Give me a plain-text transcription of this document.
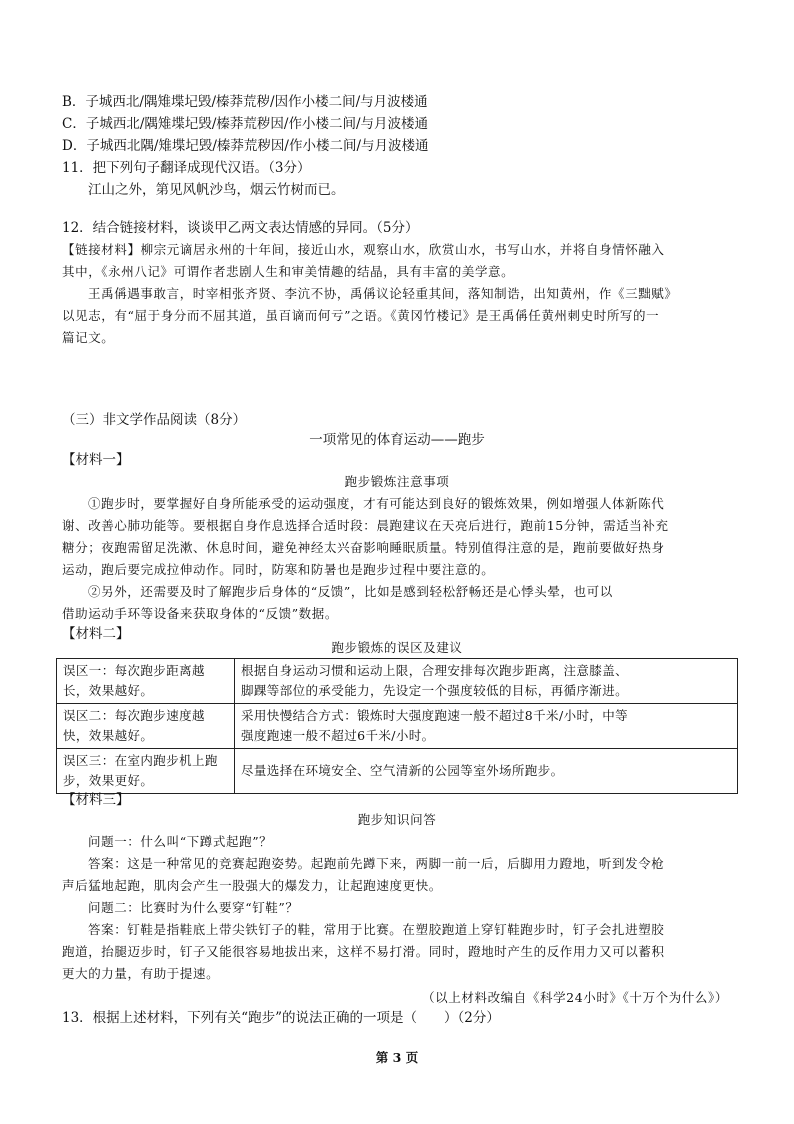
B．子城西北/隅雉堞圮毁/榛莽荒秽/因作小楼二间/与月波楼通
C．子城西北/隅雉堞圮毁/榛莽荒秽因/作小楼二间/与月波楼通
D．子城西北隅/雉堞圮毁/榛莽荒秽因/作小楼二间/与月波楼通
11．把下列句子翻译成现代汉语。（3分）
江山之外，第见风帆沙鸟，烟云竹树而已。
12．结合链接材料，谈谈甲乙两文表达情感的异同。（5分）
【链接材料】柳宗元谪居永州的十年间，接近山水，观察山水，欣赏山水，书写山水，并将自身情怀融入
其中，《永州八记》可谓作者悲剧人生和审美情趣的结晶，具有丰富的美学意。
王禹偁遇事敢言，时宰相张齐贤、李沆不协，禹偁议论轻重其间，落知制诰，出知黄州，作《三黜赋》
以见志，有“屈于身分而不屈其道，虽百谪而何亏”之语。《黄冈竹楼记》是王禹偁任黄州刺史时所写的一
篇记文。
（三）非文学作品阅读（8分）
一项常见的体育运动——跑步
【材料一】
跑步锻炼注意事项
①跑步时，要掌握好自身所能承受的运动强度，才有可能达到良好的锻炼效果，例如增强人体新陈代
谢、改善心肺功能等。要根据自身作息选择合适时段：晨跑建议在天亮后进行，跑前15分钟，需适当补充
糖分；夜跑需留足洗漱、休息时间，避免神经太兴奋影响睡眠质量。特别值得注意的是，跑前要做好热身
运动，跑后要完成拉伸动作。同时，防寒和防暑也是跑步过程中要注意的。
②另外，还需要及时了解跑步后身体的“反馈”，比如是感到轻松舒畅还是心悸头晕，也可以
借助运动手环等设备来获取身体的“反馈”数据。
【材料二】
跑步锻炼的误区及建议
误区一：每次跑步距离越
长，效果越好。	根据自身运动习惯和运动上限，合理安排每次跑步距离，注意膝盖、
脚踝等部位的承受能力，先设定一个强度较低的目标，再循序渐进。

误区二：每次跑步速度越
快，效果越好。	采用快慢结合方式：锻炼时大强度跑速一般不超过8千米/小时，中等
强度跑速一般不超过6千米/小时。

误区三：在室内跑步机上跑
步，效果更好。	尽量选择在环境安全、空气清新的公园等室外场所跑步。
【材料三】
跑步知识问答
问题一：什么叫“下蹲式起跑”？
答案：这是一种常见的竞赛起跑姿势。起跑前先蹲下来，两脚一前一后，后脚用力蹬地，听到发令枪
声后猛地起跑，肌肉会产生一股强大的爆发力，让起跑速度更快。
问题二：比赛时为什么要穿“钉鞋”？
答案：钉鞋是指鞋底上带尖铁钉子的鞋，常用于比赛。在塑胶跑道上穿钉鞋跑步时，钉子会扎进塑胶
跑道，抬腿迈步时，钉子又能很容易地拔出来，这样不易打滑。同时，蹬地时产生的反作用力又可以蓄积
更大的力量，有助于提速。
（以上材料改编自《科学24小时》《十万个为什么》）
13．根据上述材料，下列有关“跑步”的说法正确的一项是（　　）（2分）
第 3 页
